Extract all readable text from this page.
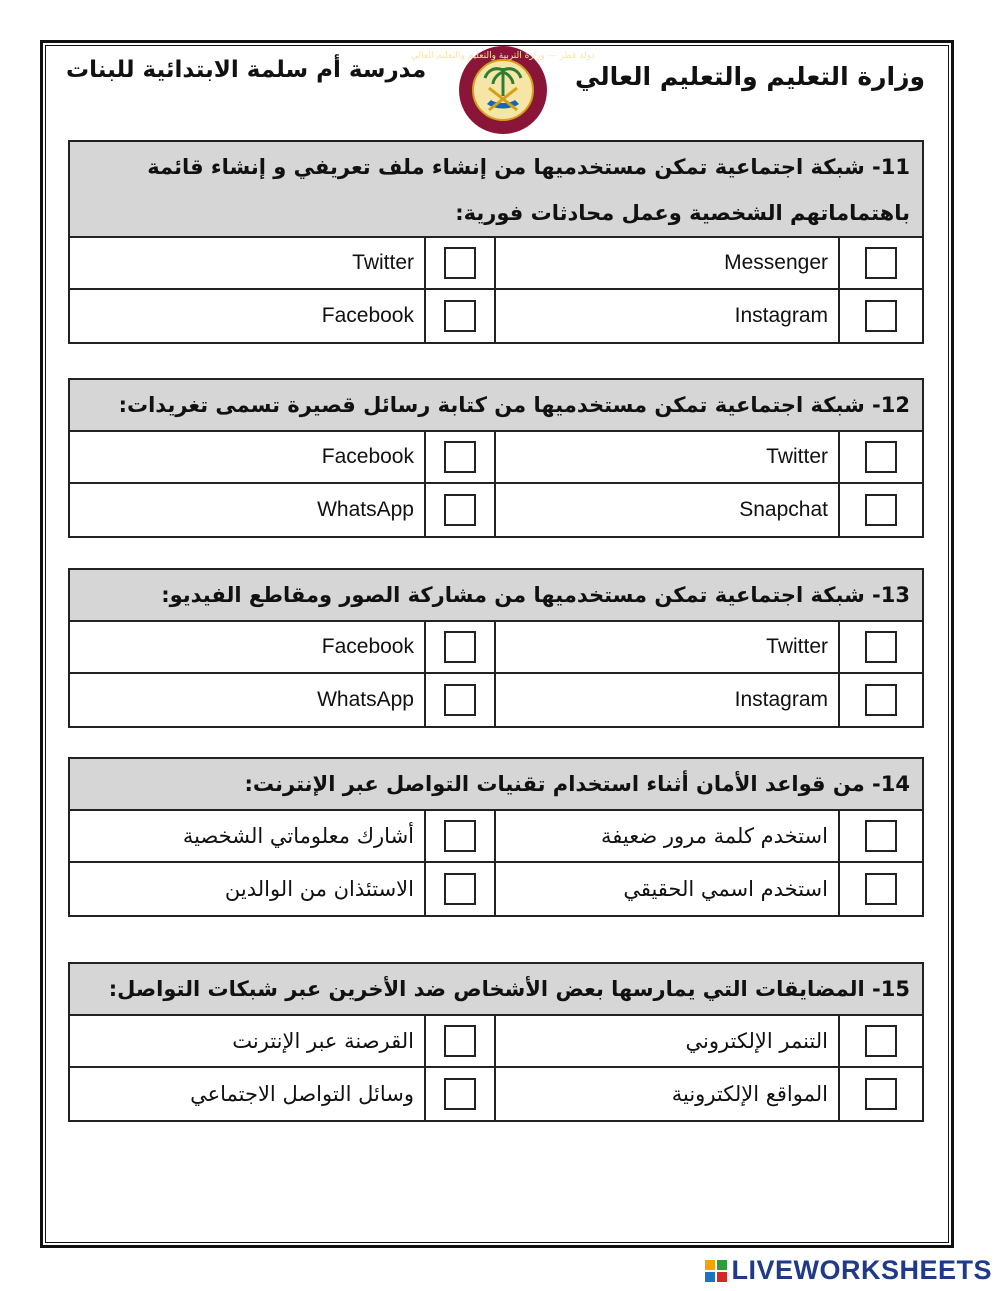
وزارة التعليم والتعليم العالي
مدرسة أم سلمة الابتدائية للبنات
دولة قطر — وزارة التربية والتعليم والتعليم العالي
11- شبكة اجتماعية تمكن مستخدميها من إنشاء ملف تعريفي و إنشاء قائمة باهتماماتهم الشخصية وعمل محادثات فورية:
Messenger
Twitter
Instagram
Facebook
12- شبكة اجتماعية تمكن مستخدميها من كتابة رسائل قصيرة تسمى تغريدات:
Twitter
Facebook
Snapchat
WhatsApp
13- شبكة اجتماعية تمكن مستخدميها من مشاركة الصور ومقاطع الفيديو:
Twitter
Facebook
Instagram
WhatsApp
14- من قواعد الأمان أثناء استخدام تقنيات التواصل عبر الإنترنت:
استخدم كلمة مرور ضعيفة
أشارك معلوماتي الشخصية
استخدم اسمي الحقيقي
الاستئذان من الوالدين
15- المضايقات التي يمارسها بعض الأشخاص ضد الأخرين عبر شبكات التواصل:
التنمر الإلكتروني
القرصنة عبر الإنترنت
المواقع الإلكترونية
وسائل التواصل الاجتماعي
LIVEWORKSHEETS
